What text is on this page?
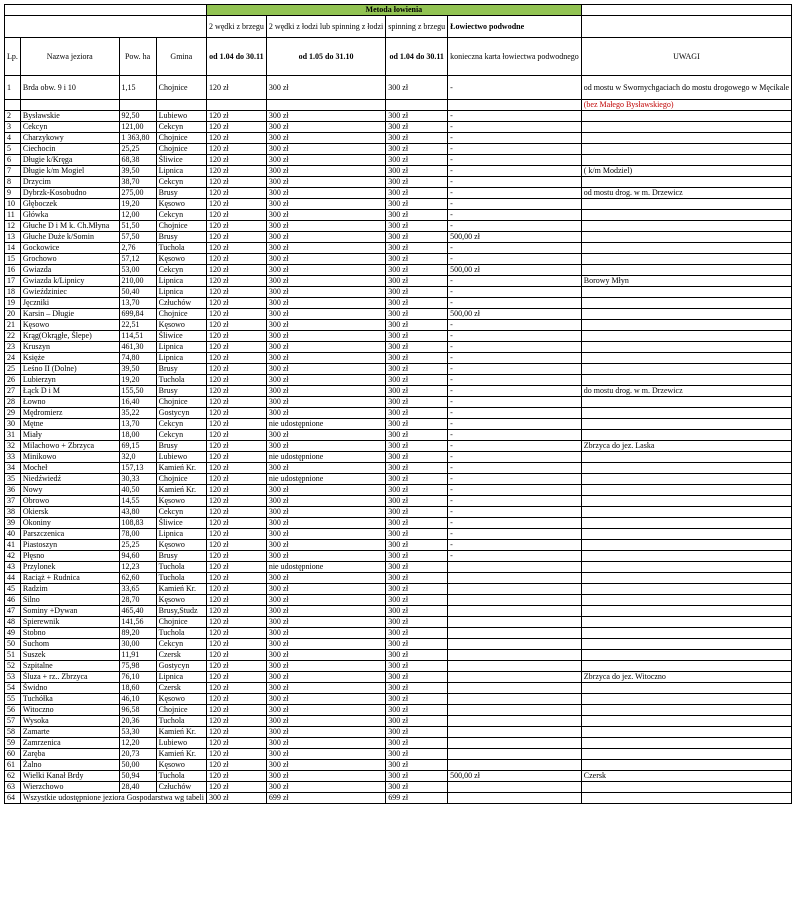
				Metoda łowienia				
				2 wędki z brzegu	2 wędki z łodzi lub spinning z łodzi	spinning z brzegu	Łowiectwo podwodne	
Lp.	Nazwa jeziora	Pow. ha	Gmina	od 1.04 do 30.11	od 1.05 do 31.10	od 1.04 do 30.11	konieczna karta łowiectwa podwodnego	UWAGI
1	Brda obw. 9 i 10	1,15	Chojnice	120 zł	300 zł	300 zł	-	od mostu w Swornychgaciach do mostu drogowego w Męcikale
								(bez Małego Bysławskiego)
2	Bysławskie	92,50	Lubiewo	120 zł	300 zł	300 zł	-	
3	Cekcyn	121,00	Cekcyn	120 zł	300 zł	300 zł	-	
4	Charzykowy	1 363,80	Chojnice	120 zł	300 zł	300 zł	-	
5	Ciechocin	25,25	Chojnice	120 zł	300 zł	300 zł	-	
6	Długie k/Kręga	68,38	Śliwice	120 zł	300 zł	300 zł	-	
7	Długie k/m Mogiel	39,50	Lipnica	120 zł	300 zł	300 zł	-	( k/m Modziel)
8	Drzycim	38,70	Cekcyn	120 zł	300 zł	300 zł	-	
9	Dybrzk-Kosobudno	275,00	Brusy	120 zł	300 zł	300 zł	-	od mostu drog. w m. Drzewicz
10	Głęboczek	19,20	Kęsowo	120 zł	300 zł	300 zł	-	
11	Główka	12,00	Cekcyn	120 zł	300 zł	300 zł	-	
12	Głuche D i M k. Ch.Młyna	51,50	Chojnice	120 zł	300 zł	300 zł	-	
13	Głuche Duże k/Somin	57,50	Brusy	120 zł	300 zł	300 zł	500,00 zł	
14	Gockowice	2,76	Tuchola	120 zł	300 zł	300 zł	-	
15	Grochowo	57,12	Kęsowo	120 zł	300 zł	300 zł	-	
16	Gwiazda	53,00	Cekcyn	120 zł	300 zł	300 zł	500,00 zł	
17	Gwiazda k/Lipnicy	210,00	Lipnica	120 zł	300 zł	300 zł	-	Borowy Młyn
18	Gwieździniec	50,40	Lipnica	120 zł	300 zł	300 zł	-	
19	Jęczniki	13,70	Człuchów	120 zł	300 zł	300 zł	-	
20	Karsin – Długie	699,84	Chojnice	120 zł	300 zł	300 zł	500,00 zł	
21	Kęsowo	22,51	Kęsowo	120 zł	300 zł	300 zł	-	
22	Krąg(Okrągłe, Ślepe)	114,51	Śliwice	120 zł	300 zł	300 zł	-	
23	Kruszyn	461,30	Lipnica	120 zł	300 zł	300 zł	-	
24	Księże	74,80	Lipnica	120 zł	300 zł	300 zł	-	
25	Leśno II (Dolne)	39,50	Brusy	120 zł	300 zł	300 zł	-	
26	Lubierzyn	19,20	Tuchola	120 zł	300 zł	300 zł	-	
27	Łąck D i M	155,50	Brusy	120 zł	300 zł	300 zł	-	do mostu drog. w m. Drzewicz
28	Łowno	16,40	Chojnice	120 zł	300 zł	300 zł	-	
29	Mędromierz	35,22	Gostycyn	120 zł	300 zł	300 zł	-	
30	Mętne	13,70	Cekcyn	120 zł	nie udostępnione	300 zł	-	
31	Miały	18,00	Cekcyn	120 zł	300 zł	300 zł	-	
32	Milachowo + Zbrzyca	69,15	Brusy	120 zł	300 zł	300 zł	-	Zbrzyca do jez. Laska
33	Minikowo	32,0	Lubiewo	120 zł	nie udostępnione	300 zł	-	
34	Mocheł	157,13	Kamień Kr.	120 zł	300 zł	300 zł	-	
35	Niedźwiedź	30,33	Chojnice	120 zł	nie udostępnione	300 zł	-	
36	Nowy	40,50	Kamień Kr.	120 zł	300 zł	300 zł	-	
37	Obrowo	14,55	Kęsowo	120 zł	300 zł	300 zł	-	
38	Okiersk	43,80	Cekcyn	120 zł	300 zł	300 zł	-	
39	Okoniny	108,83	Śliwice	120 zł	300 zł	300 zł	-	
40	Parszczenica	78,00	Lipnica	120 zł	300 zł	300 zł	-	
41	Piastoszyn	25,25	Kęsowo	120 zł	300 zł	300 zł	-	
42	Płęsno	94,60	Brusy	120 zł	300 zł	300 zł	-	
43	Przylonek	12,23	Tuchola	120 zł	nie udostępnione	300 zł		
44	Raciąż + Rudnica	62,60	Tuchola	120 zł	300 zł	300 zł		
45	Radzim	33,65	Kamień Kr.	120 zł	300 zł	300 zł		
46	Silno	28,70	Kęsowo	120 zł	300 zł	300 zł		
47	Sominy +Dywan	465,40	Brusy,Studz	120 zł	300 zł	300 zł		
48	Spierewnik	141,56	Chojnice	120 zł	300 zł	300 zł		
49	Stobno	89,20	Tuchola	120 zł	300 zł	300 zł		
50	Suchom	30,00	Cekcyn	120 zł	300 zł	300 zł		
51	Suszek	11,91	Czersk	120 zł	300 zł	300 zł		
52	Szpitalne	75,98	Gostycyn	120 zł	300 zł	300 zł		
53	Śluza + rz.. Zbrzyca	76,10	Lipnica	120 zł	300 zł	300 zł		Zbrzyca do jez. Witoczno
54	Świdno	18,60	Czersk	120 zł	300 zł	300 zł		
55	Tuchółka	46,10	Kęsowo	120 zł	300 zł	300 zł		
56	Witoczno	96,58	Chojnice	120 zł	300 zł	300 zł		
57	Wysoka	20,36	Tuchola	120 zł	300 zł	300 zł		
58	Zamarte	53,30	Kamień Kr.	120 zł	300 zł	300 zł		
59	Zamrzenica	12,20	Lubiewo	120 zł	300 zł	300 zł		
60	Zaręba	20,73	Kamień Kr.	120 zł	300 zł	300 zł		
61	Żalno	50,00	Kęsowo	120 zł	300 zł	300 zł		
62	Wielki Kanał Brdy	50,94	Tuchola	120 zł	300 zł	300 zł	500,00 zł	Czersk
63	Wierzchowo	28,40	Człuchów	120 zł	300 zł	300 zł		
64	Wszystkie udostępnione jeziora Gospodarstwa wg tabeli			300 zł	699 zł	699 zł		
